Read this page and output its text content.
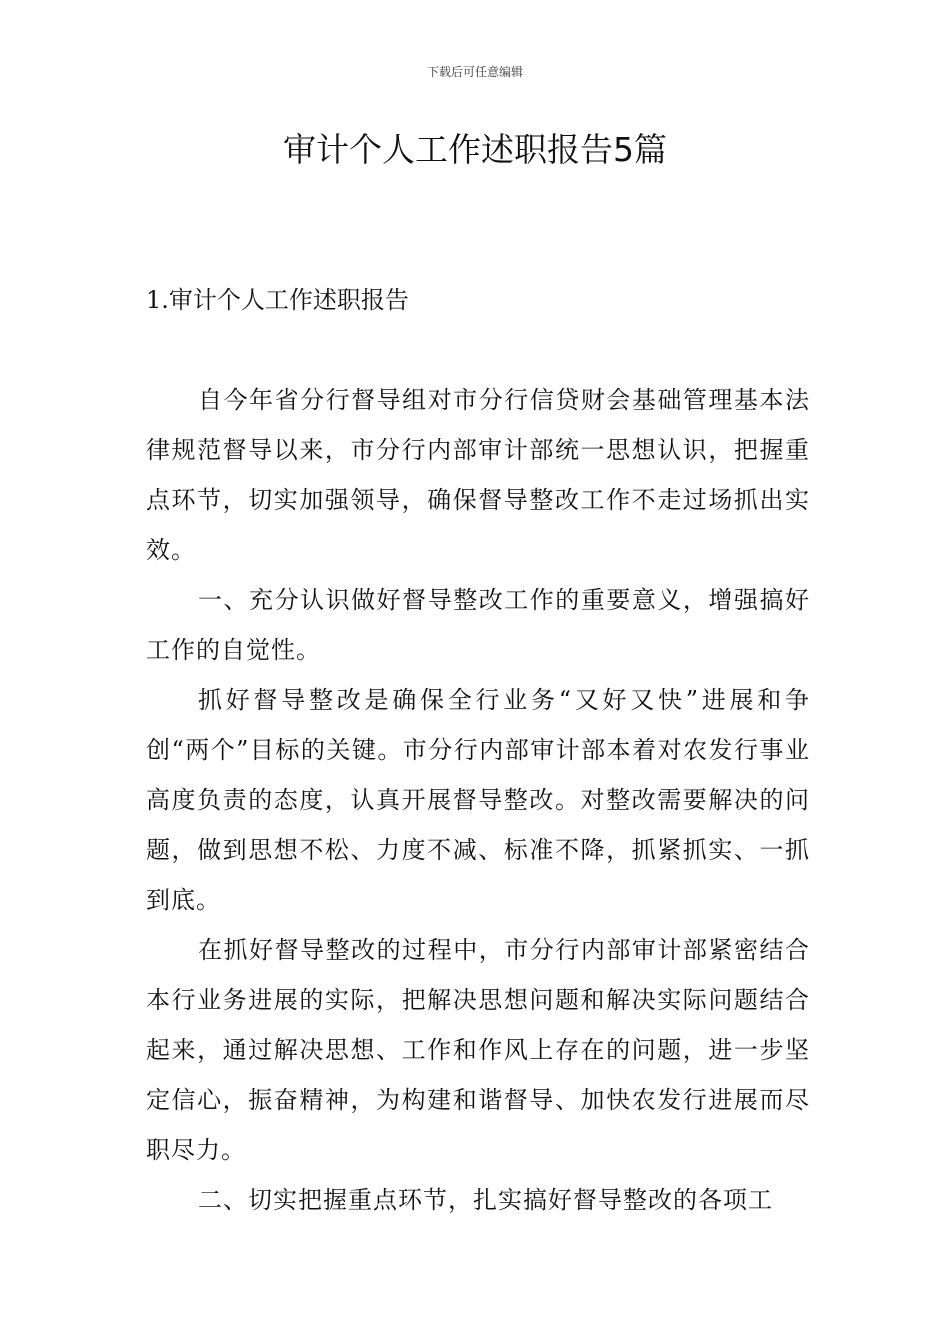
下载后可任意编辑
审计个人工作述职报告5篇
1.审计个人工作述职报告

自今年省分行督导组对市分行信贷财会基础管理基本法律规范督导以来，市分行内部审计部统一思想认识，把握重点环节，切实加强领导，确保督导整改工作不走过场抓出实效。

一、充分认识做好督导整改工作的重要意义，增强搞好工作的自觉性。

抓好督导整改是确保全行业务“又好又快”进展和争创“两个”目标的关键。市分行内部审计部本着对农发行事业高度负责的态度，认真开展督导整改。对整改需要解决的问题，做到思想不松、力度不减、标准不降，抓紧抓实、一抓到底。

在抓好督导整改的过程中，市分行内部审计部紧密结合本行业务进展的实际，把解决思想问题和解决实际问题结合起来，通过解决思想、工作和作风上存在的问题，进一步坚定信心，振奋精神，为构建和谐督导、加快农发行进展而尽职尽力。

二、切实把握重点环节，扎实搞好督导整改的各项工
